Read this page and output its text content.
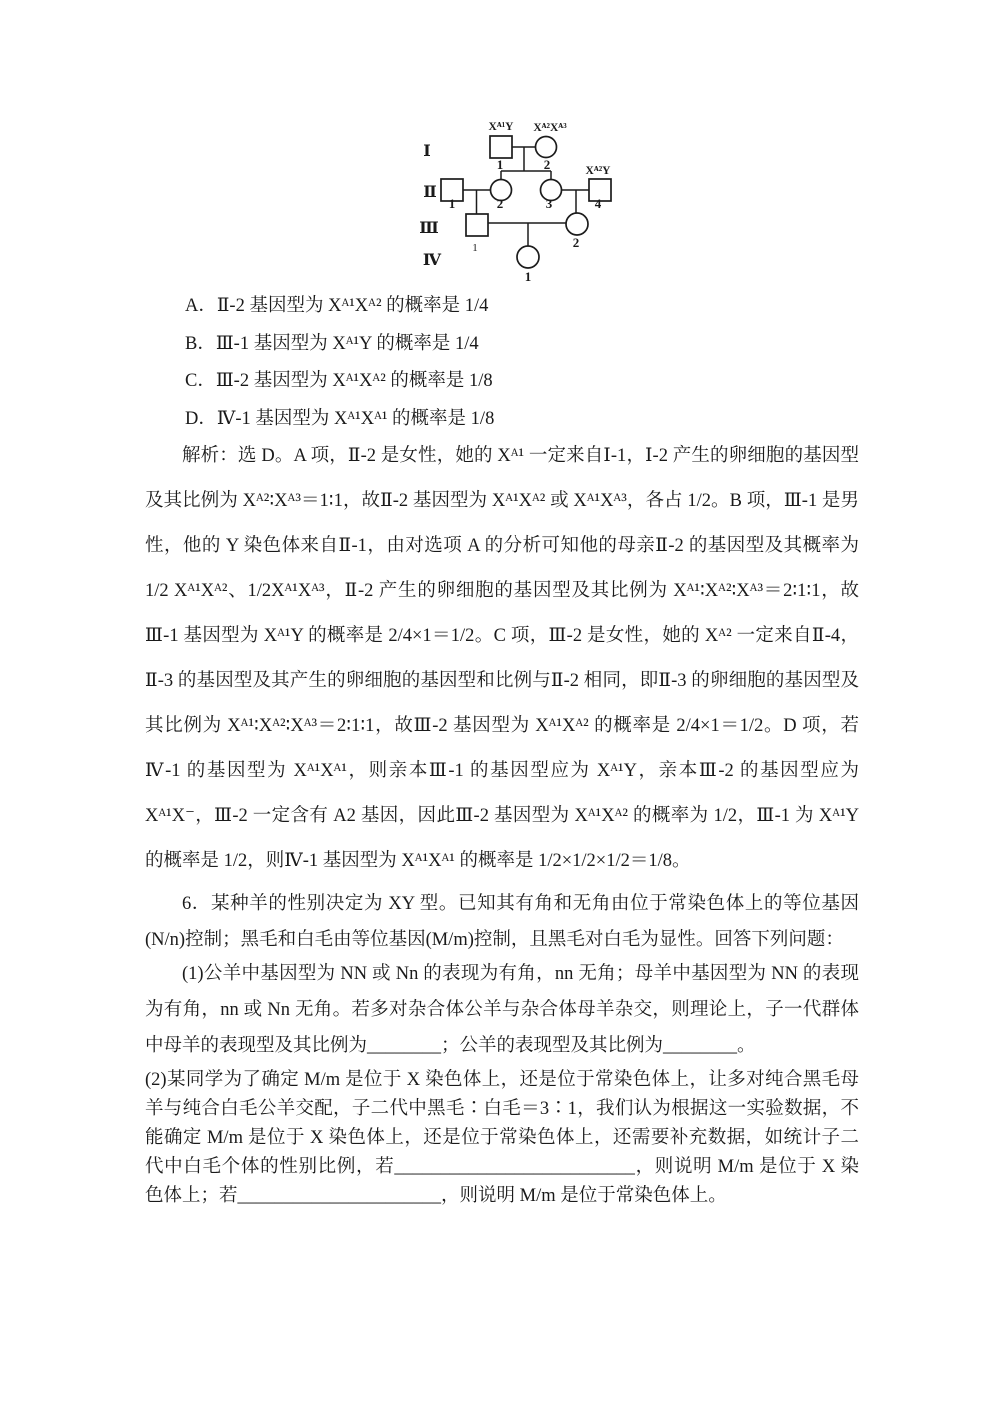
Ⅰ
Ⅱ
Ⅲ
Ⅳ
Xᴬ¹Y Xᴬ²Xᴬ³
Xᴬ²Y
1	2
1	2	3	4
1	2
1

A．Ⅱ-2 基因型为 Xᴬ¹Xᴬ² 的概率是 1/4

B．Ⅲ-1 基因型为 Xᴬ¹Y 的概率是 1/4

C．Ⅲ-2 基因型为 Xᴬ¹Xᴬ² 的概率是 1/8

D．Ⅳ-1 基因型为 Xᴬ¹Xᴬ¹ 的概率是 1/8

解析：选 D。A 项，Ⅱ-2 是女性，她的 Xᴬ¹ 一定来自Ⅰ-1，Ⅰ-2 产生的卵细胞的基因型及其比例为 Xᴬ²∶Xᴬ³＝1∶1，故Ⅱ-2 基因型为 Xᴬ¹Xᴬ² 或 Xᴬ¹Xᴬ³，各占 1/2。B 项，Ⅲ-1 是男性，他的 Y 染色体来自Ⅱ-1，由对选项 A 的分析可知他的母亲Ⅱ-2 的基因型及其概率为 1/2 Xᴬ¹Xᴬ²、1/2Xᴬ¹Xᴬ³，Ⅱ-2 产生的卵细胞的基因型及其比例为 Xᴬ¹∶Xᴬ²∶Xᴬ³＝2∶1∶1，故Ⅲ-1 基因型为 Xᴬ¹Y 的概率是 2/4×1＝1/2。C 项，Ⅲ-2 是女性，她的 Xᴬ² 一定来自Ⅱ-4，Ⅱ-3 的基因型及其产生的卵细胞的基因型和比例与Ⅱ-2 相同，即Ⅱ-3 的卵细胞的基因型及其比例为 Xᴬ¹∶Xᴬ²∶Xᴬ³＝2∶1∶1，故Ⅲ-2 基因型为 Xᴬ¹Xᴬ² 的概率是 2/4×1＝1/2。D 项，若Ⅳ-1 的基因型为 Xᴬ¹Xᴬ¹，则亲本Ⅲ-1 的基因型应为 Xᴬ¹Y，亲本Ⅲ-2 的基因型应为 Xᴬ¹X⁻，Ⅲ-2 一定含有 A2 基因，因此Ⅲ-2 基因型为 Xᴬ¹Xᴬ² 的概率为 1/2，Ⅲ-1 为 Xᴬ¹Y 的概率是 1/2，则Ⅳ-1 基因型为 Xᴬ¹Xᴬ¹ 的概率是 1/2×1/2×1/2＝1/8。

6．某种羊的性别决定为 XY 型。已知其有角和无角由位于常染色体上的等位基因(N/n)控制；黑毛和白毛由等位基因(M/m)控制，且黑毛对白毛为显性。回答下列问题：

(1)公羊中基因型为 NN 或 Nn 的表现为有角，nn 无角；母羊中基因型为 NN 的表现为有角，nn 或 Nn 无角。若多对杂合体公羊与杂合体母羊杂交，则理论上，子一代群体中母羊的表现型及其比例为________；公羊的表现型及其比例为________。

(2)某同学为了确定 M/m 是位于 X 染色体上，还是位于常染色体上，让多对纯合黑毛母羊与纯合白毛公羊交配，子二代中黑毛∶白毛＝3∶1，我们认为根据这一实验数据，不能确定 M/m 是位于 X 染色体上，还是位于常染色体上，还需要补充数据，如统计子二代中白毛个体的性别比例，若__________________________，则说明 M/m 是位于 X 染色体上；若______________________，则说明 M/m 是位于常染色体上。
